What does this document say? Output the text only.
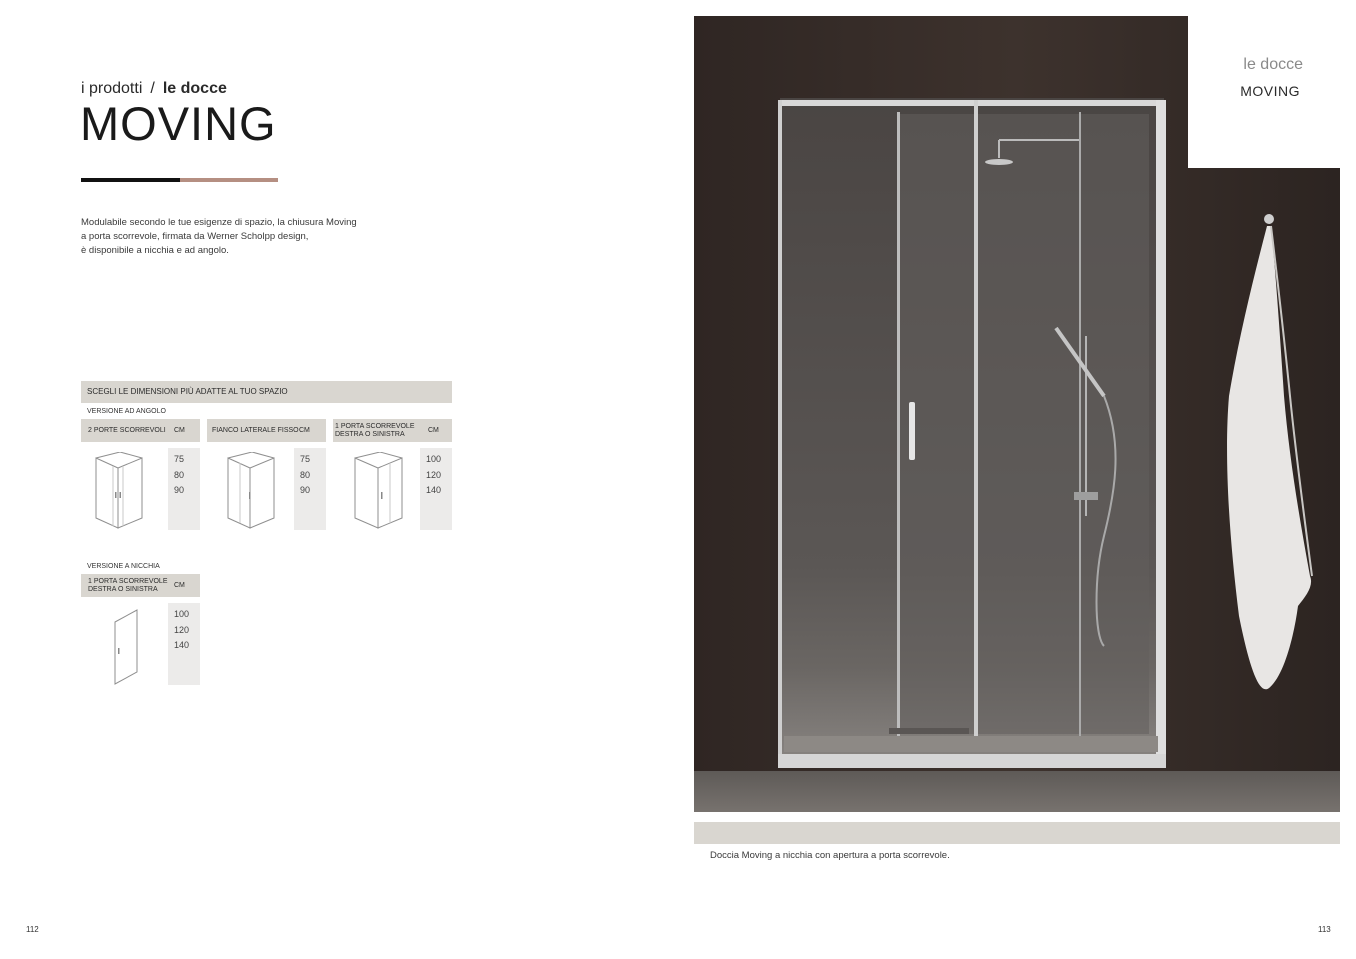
i prodotti / le docce
MOVING
Modulabile secondo le tue esigenze di spazio, la chiusura Moving
a porta scorrevole, firmata da Werner Scholpp design,
è disponibile a nicchia e ad angolo.
SCEGLI LE DIMENSIONI PIÙ ADATTE AL TUO SPAZIO
VERSIONE AD ANGOLO
2 PORTE SCORREVOLI	CM
75
80
90
FIANCO LATERALE FISSO CM
75
80
90
1 PORTA SCORREVOLE
DESTRA O SINISTRA	CM
100
120
140
VERSIONE A NICCHIA
1 PORTA SCORREVOLE
DESTRA O SINISTRA	CM
100
120
140
112
le docce
MOVING
Doccia Moving a nicchia con apertura a porta scorrevole.
113
